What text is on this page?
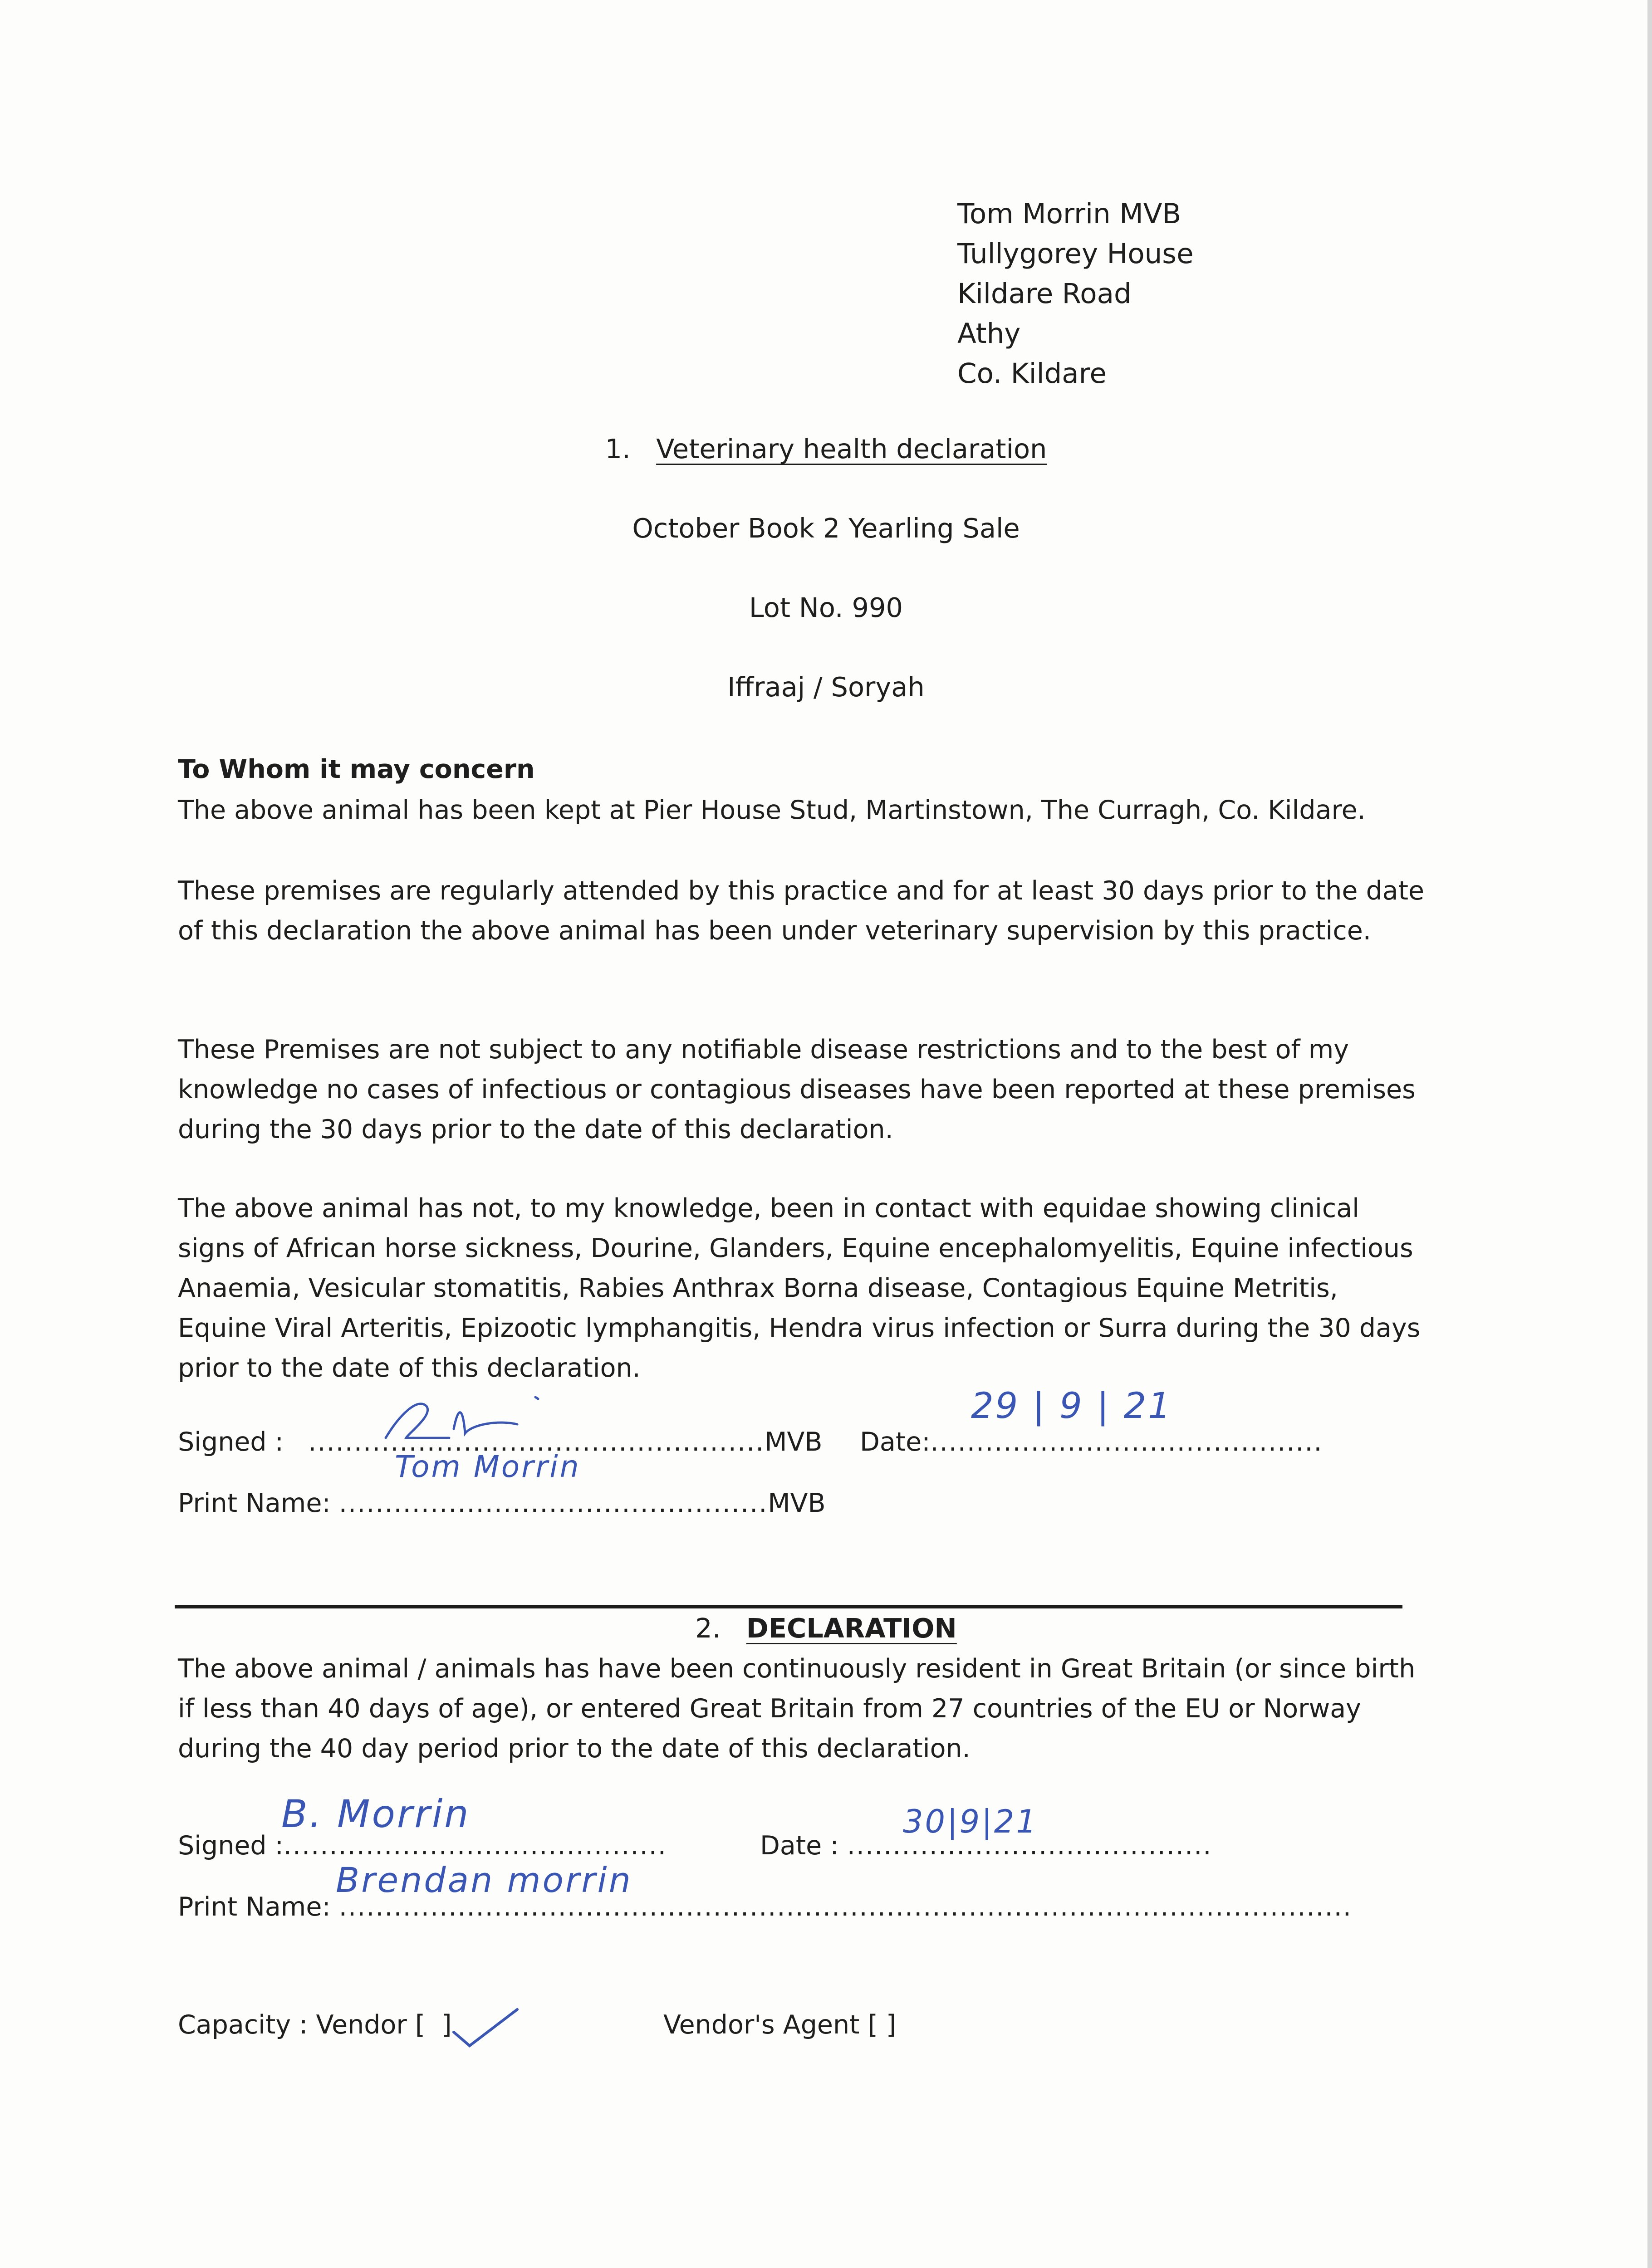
Tom Morrin MVB
Tullygorey House
Kildare Road
Athy
Co. Kildare
1. Veterinary health declaration
October Book 2 Yearling Sale
Lot No. 990
Iffraaj / Soryah
To Whom it may concern
The above animal has been kept at Pier House Stud, Martinstown, The Curragh, Co. Kildare.
These premises are regularly attended by this practice and for at least 30 days prior to the date of this declaration the above animal has been under veterinary supervision by this practice.
These Premises are not subject to any notifiable disease restrictions and to the best of my knowledge no cases of infectious or contagious diseases have been reported at these premises during the 30 days prior to the date of this declaration.
The above animal has not, to my knowledge, been in contact with equidae showing clinical signs of African horse sickness, Dourine, Glanders, Equine encephalomyelitis, Equine infectious Anaemia, Vesicular stomatitis, Rabies Anthrax Borna disease, Contagious Equine Metritis, Equine Viral Arteritis, Epizootic lymphangitis, Hendra virus infection or Surra during the 30 days prior to the date of this declaration.
Signed : ..................................................MVB Date:...........................................
29 | 9 | 21
Print Name: ...............................................MVB
Tom Morrin
2. DECLARATION
The above animal / animals has have been continuously resident in Great Britain (or since birth if less than 40 days of age), or entered Great Britain from 27 countries of the EU or Norway during the 40 day period prior to the date of this declaration.
Signed :..........................................
B. Morrin
Date : ........................................
30|9|21
Print Name: ...............................................................................................................
Brendan morrin
Capacity : Vendor [ ]	Vendor's Agent [ ]
